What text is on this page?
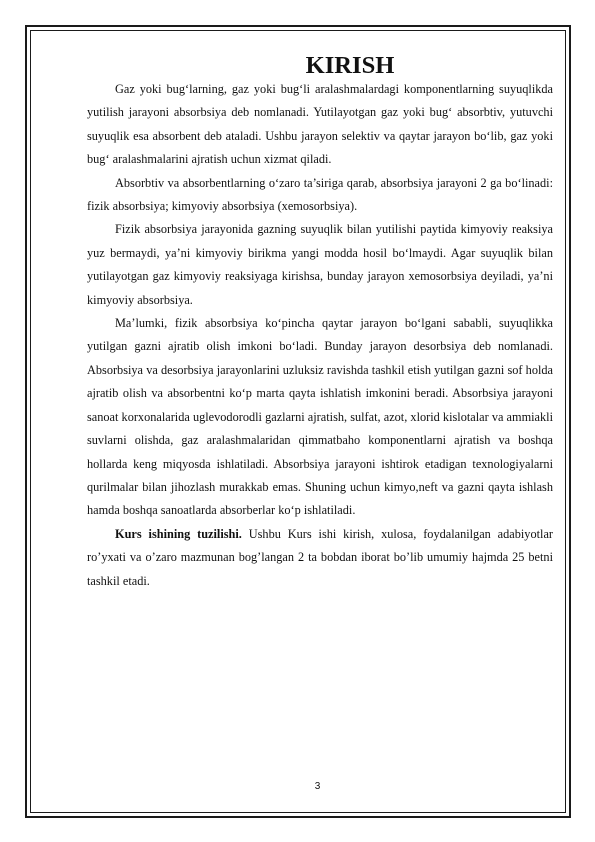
KIRISH

Gaz yoki bug‘larning, gaz yoki bug‘li aralashmalardagi komponentlarning suyuqlikda yutilish jarayoni absorbsiya deb nomlanadi. Yutilayotgan gaz yoki bug‘ absorbtiv, yutuvchi suyuqlik esa absorbent deb ataladi. Ushbu jarayon selektiv va qaytar jarayon bo‘lib, gaz yoki bug‘ aralashmalarini ajratish uchun xizmat qiladi.

Absorbtiv va absorbentlarning o‘zaro ta’siriga qarab, absorbsiya jarayoni 2 ga bo‘linadi: fizik absorbsiya; kimyoviy absorbsiya (xemosorbsiya).

Fizik absorbsiya jarayonida gazning suyuqlik bilan yutilishi paytida kimyoviy reaksiya yuz bermaydi, ya’ni kimyoviy birikma yangi modda hosil bo‘lmaydi. Agar suyuqlik bilan yutilayotgan gaz kimyoviy reaksiyaga kirishsa, bunday jarayon xemosorbsiya deyiladi, ya’ni kimyoviy absorbsiya.

Ma’lumki, fizik absorbsiya ko‘pincha qaytar jarayon bo‘lgani sababli, suyuqlikka yutilgan gazni ajratib olish imkoni bo‘ladi. Bunday jarayon desorbsiya deb nomlanadi. Absorbsiya va desorbsiya jarayonlarini uzluksiz ravishda tashkil etish yutilgan gazni sof holda ajratib olish va absorbentni ko‘p marta qayta ishlatish imkonini beradi. Absorbsiya jarayoni sanoat korxonalarida uglevodorodli gazlarni ajratish, sulfat, azot, xlorid kislotalar va ammiakli suvlarni olishda, gaz aralashmalaridan qimmatbaho komponentlarni ajratish va boshqa hollarda keng miqyosda ishlatiladi. Absorbsiya jarayoni ishtirok etadigan texnologiyalarni qurilmalar bilan jihozlash murakkab emas. Shuning uchun kimyo,neft va gazni qayta ishlash hamda boshqa sanoatlarda absorberlar ko‘p ishlatiladi.

Kurs ishining tuzilishi. Ushbu Kurs ishi kirish, xulosa, foydalanilgan adabiyotlar ro’yxati va o’zaro mazmunan bog’langan 2 ta bobdan iborat bo’lib umumiy hajmda 25 betni tashkil etadi.

3
